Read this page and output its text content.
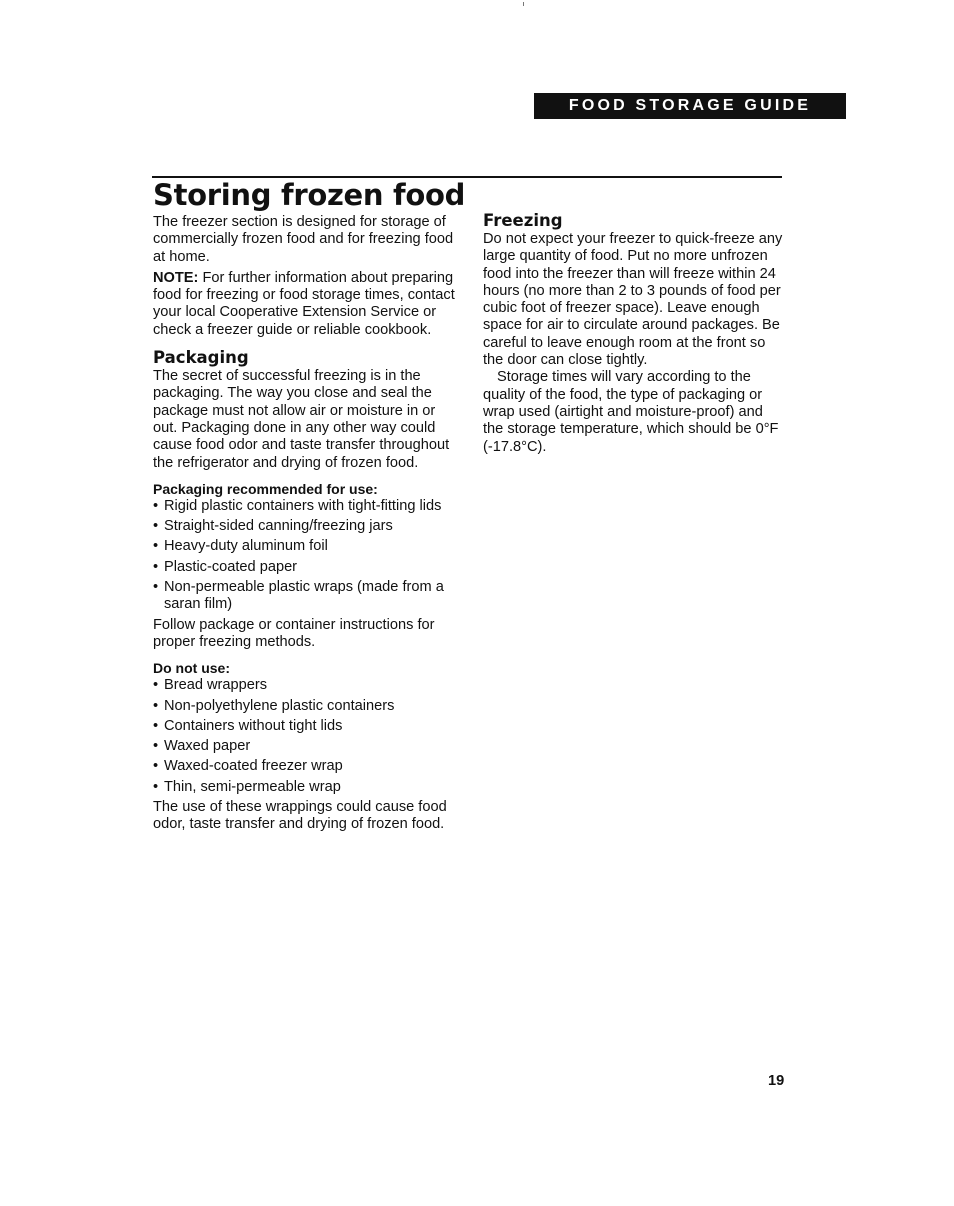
FOOD STORAGE GUIDE
Storing frozen food

The freezer section is designed for storage of commercially frozen food and for freezing food at home.

NOTE: For further information about preparing food for freezing or food storage times, contact your local Cooperative Extension Service or check a freezer guide or reliable cookbook.

Packaging

The secret of successful freezing is in the packaging. The way you close and seal the package must not allow air or moisture in or out. Packaging done in any other way could cause food odor and taste transfer throughout the refrigerator and drying of frozen food.

Packaging recommended for use:
• Rigid plastic containers with tight-fitting lids
• Straight-sided canning/freezing jars
• Heavy-duty aluminum foil
• Plastic-coated paper
• Non-permeable plastic wraps (made from a saran film)

Follow package or container instructions for proper freezing methods.

Do not use:
• Bread wrappers
• Non-polyethylene plastic containers
• Containers without tight lids
• Waxed paper
• Waxed-coated freezer wrap
• Thin, semi-permeable wrap

The use of these wrappings could cause food odor, taste transfer and drying of frozen food.

Freezing

Do not expect your freezer to quick-freeze any large quantity of food. Put no more unfrozen food into the freezer than will freeze within 24 hours (no more than 2 to 3 pounds of food per cubic foot of freezer space). Leave enough space for air to circulate around packages. Be careful to leave enough room at the front so the door can close tightly.

Storage times will vary according to the quality of the food, the type of packaging or wrap used (airtight and moisture-proof) and the storage temperature, which should be 0°F (-17.8°C).

19
